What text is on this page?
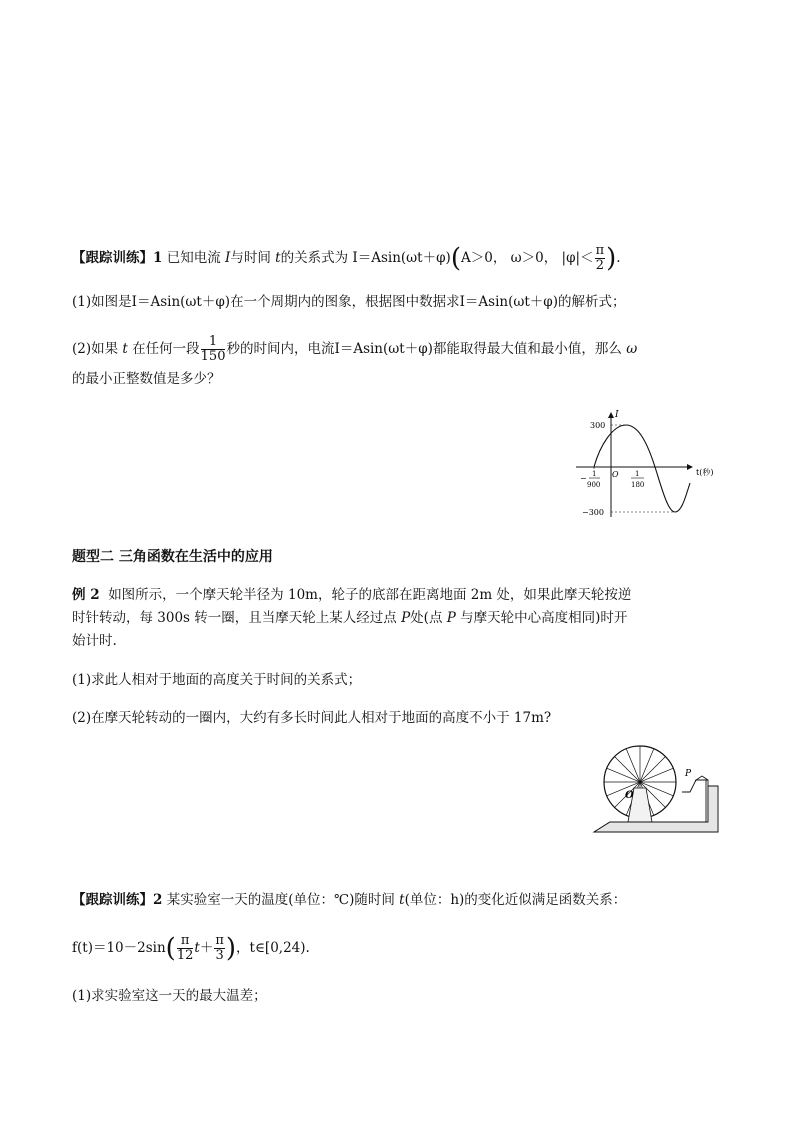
【跟踪训练】1 已知电流 I与时间 t的关系式为 I＝Asin(ωt＋φ)(A＞0， ω＞0， $|\varphi|< \frac{\pi}{2}$ ).
(1)如图是I＝Asin(ωt＋φ)在一个周期内的图象，根据图中数据求I＝Asin(ωt＋φ)的解析式；
(2)如果 t 在任何一段 $\frac{1}{150}$ 秒的时间内，电流I＝Asin(ωt＋φ)都能取得最大值和最小值，那么 ω
的最小正整数值是多少？
I
t(秒)
300
−300
O
1
−
900
1
180
题型二 三角函数在生活中的应用
例 2 如图所示，一个摩天轮半径为 10m，轮子的底部在距离地面 2m 处，如果此摩天轮按逆
时针转动，每 300s 转一圈，且当摩天轮上某人经过点 P处(点 P 与摩天轮中心高度相同)时开
始计时.
(1)求此人相对于地面的高度关于时间的关系式；
(2)在摩天轮转动的一圈内，大约有多长时间此人相对于地面的高度不小于 17m?
O
P
【跟踪训练】2 某实验室一天的温度(单位：℃)随时间 t(单位：h)的变化近似满足函数关系：
$f(t)=10-2\sin( \frac{\pi}{12} t+ \frac{\pi}{3}$ )，t∈[0,24).
(1)求实验室这一天的最大温差；
